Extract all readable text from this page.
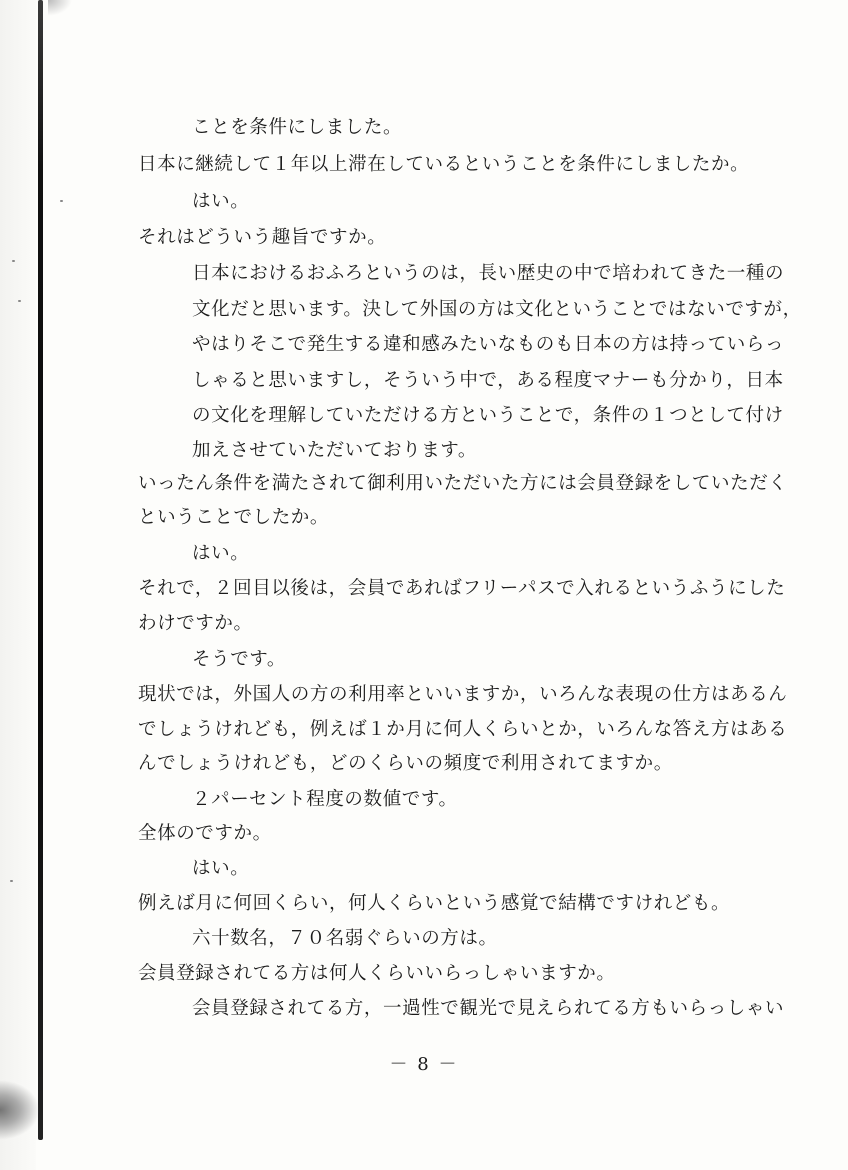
ことを条件にしました。
日本に継続して１年以上滞在しているということを条件にしましたか。
はい。
それはどういう趣旨ですか。
日本におけるおふろというのは，長い歴史の中で培われてきた一種の
文化だと思います。決して外国の方は文化ということではないですが，
やはりそこで発生する違和感みたいなものも日本の方は持っていらっ
しゃると思いますし，そういう中で，ある程度マナーも分かり，日本
の文化を理解していただける方ということで，条件の１つとして付け
加えさせていただいております。
いったん条件を満たされて御利用いただいた方には会員登録をしていただく
ということでしたか。
はい。
それで，２回目以後は，会員であればフリーパスで入れるというふうにした
わけですか。
そうです。
現状では，外国人の方の利用率といいますか，いろんな表現の仕方はあるん
でしょうけれども，例えば１か月に何人くらいとか，いろんな答え方はある
んでしょうけれども，どのくらいの頻度で利用されてますか。
２パーセント程度の数値です。
全体のですか。
はい。
例えば月に何回くらい，何人くらいという感覚で結構ですけれども。
六十数名，７０名弱ぐらいの方は。
会員登録されてる方は何人くらいいらっしゃいますか。
会員登録されてる方，一過性で観光で見えられてる方もいらっしゃい
－ 8 －
